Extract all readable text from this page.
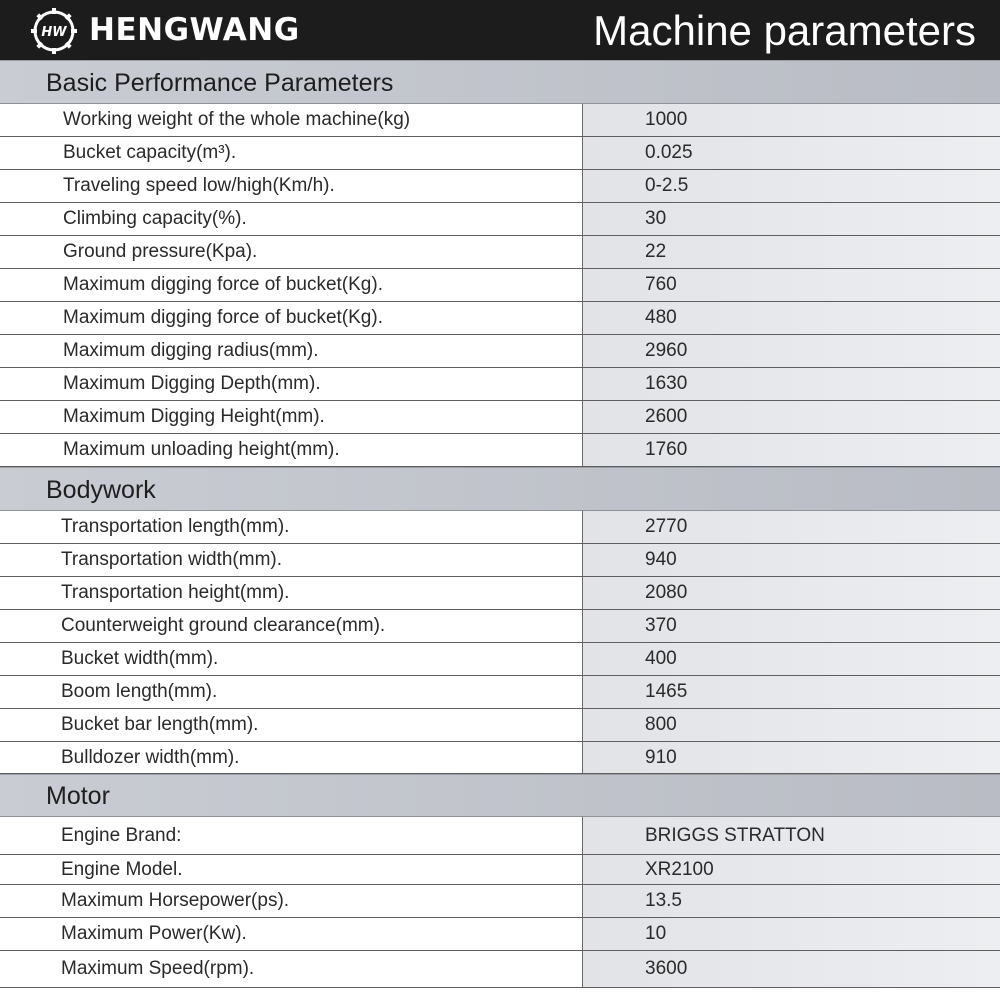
HW HENGWANG	Machine parameters
Basic Performance Parameters
Working weight of the whole machine(kg)	1000
Bucket capacity(m³).	0.025
Traveling speed low/high(Km/h).	0-2.5
Climbing capacity(%).	30
Ground pressure(Kpa).	22
Maximum digging force of bucket(Kg).	760
Maximum digging force of bucket(Kg).	480
Maximum digging radius(mm).	2960
Maximum Digging Depth(mm).	1630
Maximum Digging Height(mm).	2600
Maximum unloading height(mm).	1760
Bodywork
Transportation length(mm).	2770
Transportation width(mm).	940
Transportation height(mm).	2080
Counterweight ground clearance(mm).	370
Bucket width(mm).	400
Boom length(mm).	1465
Bucket bar length(mm).	800
Bulldozer width(mm).	910
Motor
Engine Brand:	BRIGGS STRATTON
Engine Model.	XR2100
Maximum Horsepower(ps).	13.5
Maximum Power(Kw).	10
Maximum Speed(rpm).	3600
